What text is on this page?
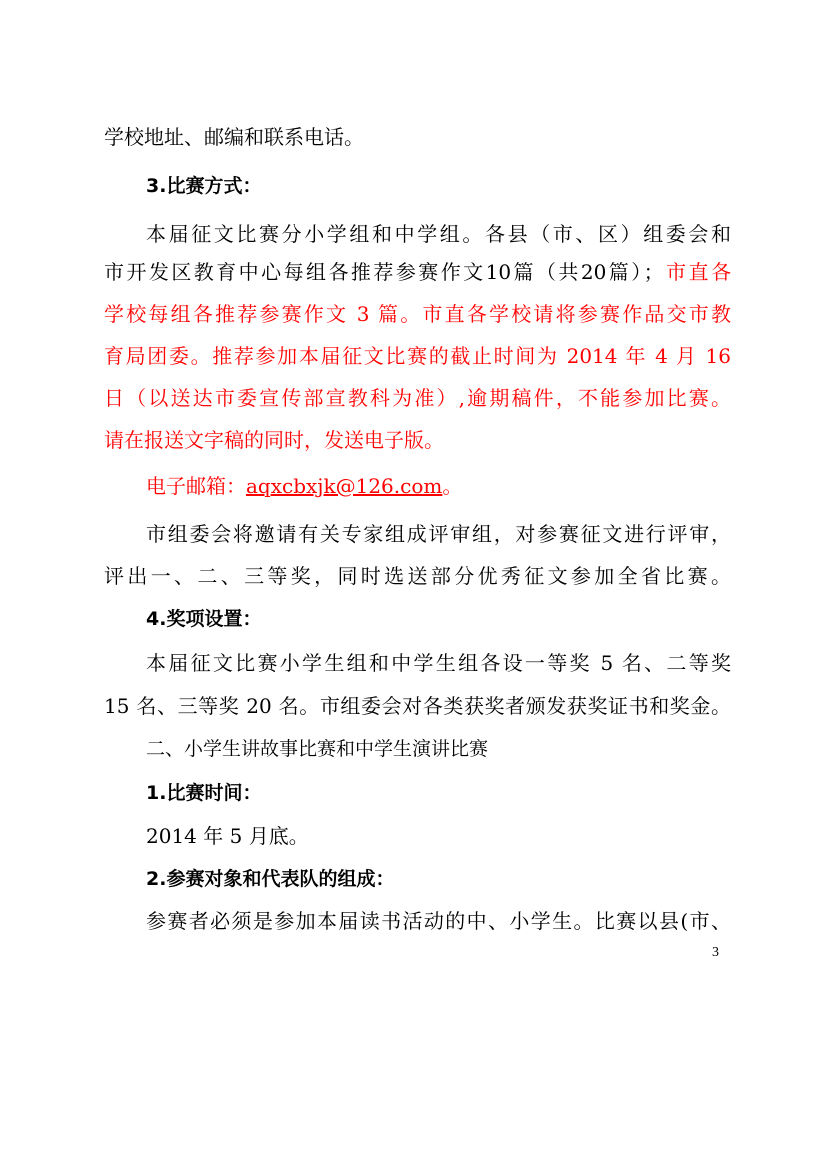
学校地址、邮编和联系电话。
3.比赛方式：
本届征文比赛分小学组和中学组。各县（市、区）组委会和
市开发区教育中心每组各推荐参赛作文10篇（共20篇）；市直各
学校每组各推荐参赛作文 3 篇。市直各学校请将参赛作品交市教
育局团委。推荐参加本届征文比赛的截止时间为 2014 年 4 月 16
日（以送达市委宣传部宣教科为准）,逾期稿件，不能参加比赛。
请在报送文字稿的同时，发送电子版。
电子邮箱：aqxcbxjk@126.com。
市组委会将邀请有关专家组成评审组，对参赛征文进行评审，
评出一、二、三等奖，同时选送部分优秀征文参加全省比赛。
4.奖项设置：
本届征文比赛小学生组和中学生组各设一等奖 5 名、二等奖
15 名、三等奖 20 名。市组委会对各类获奖者颁发获奖证书和奖金。
二、小学生讲故事比赛和中学生演讲比赛
1.比赛时间：
2014 年 5 月底。
2.参赛对象和代表队的组成：
参赛者必须是参加本届读书活动的中、小学生。比赛以县(市、
3
